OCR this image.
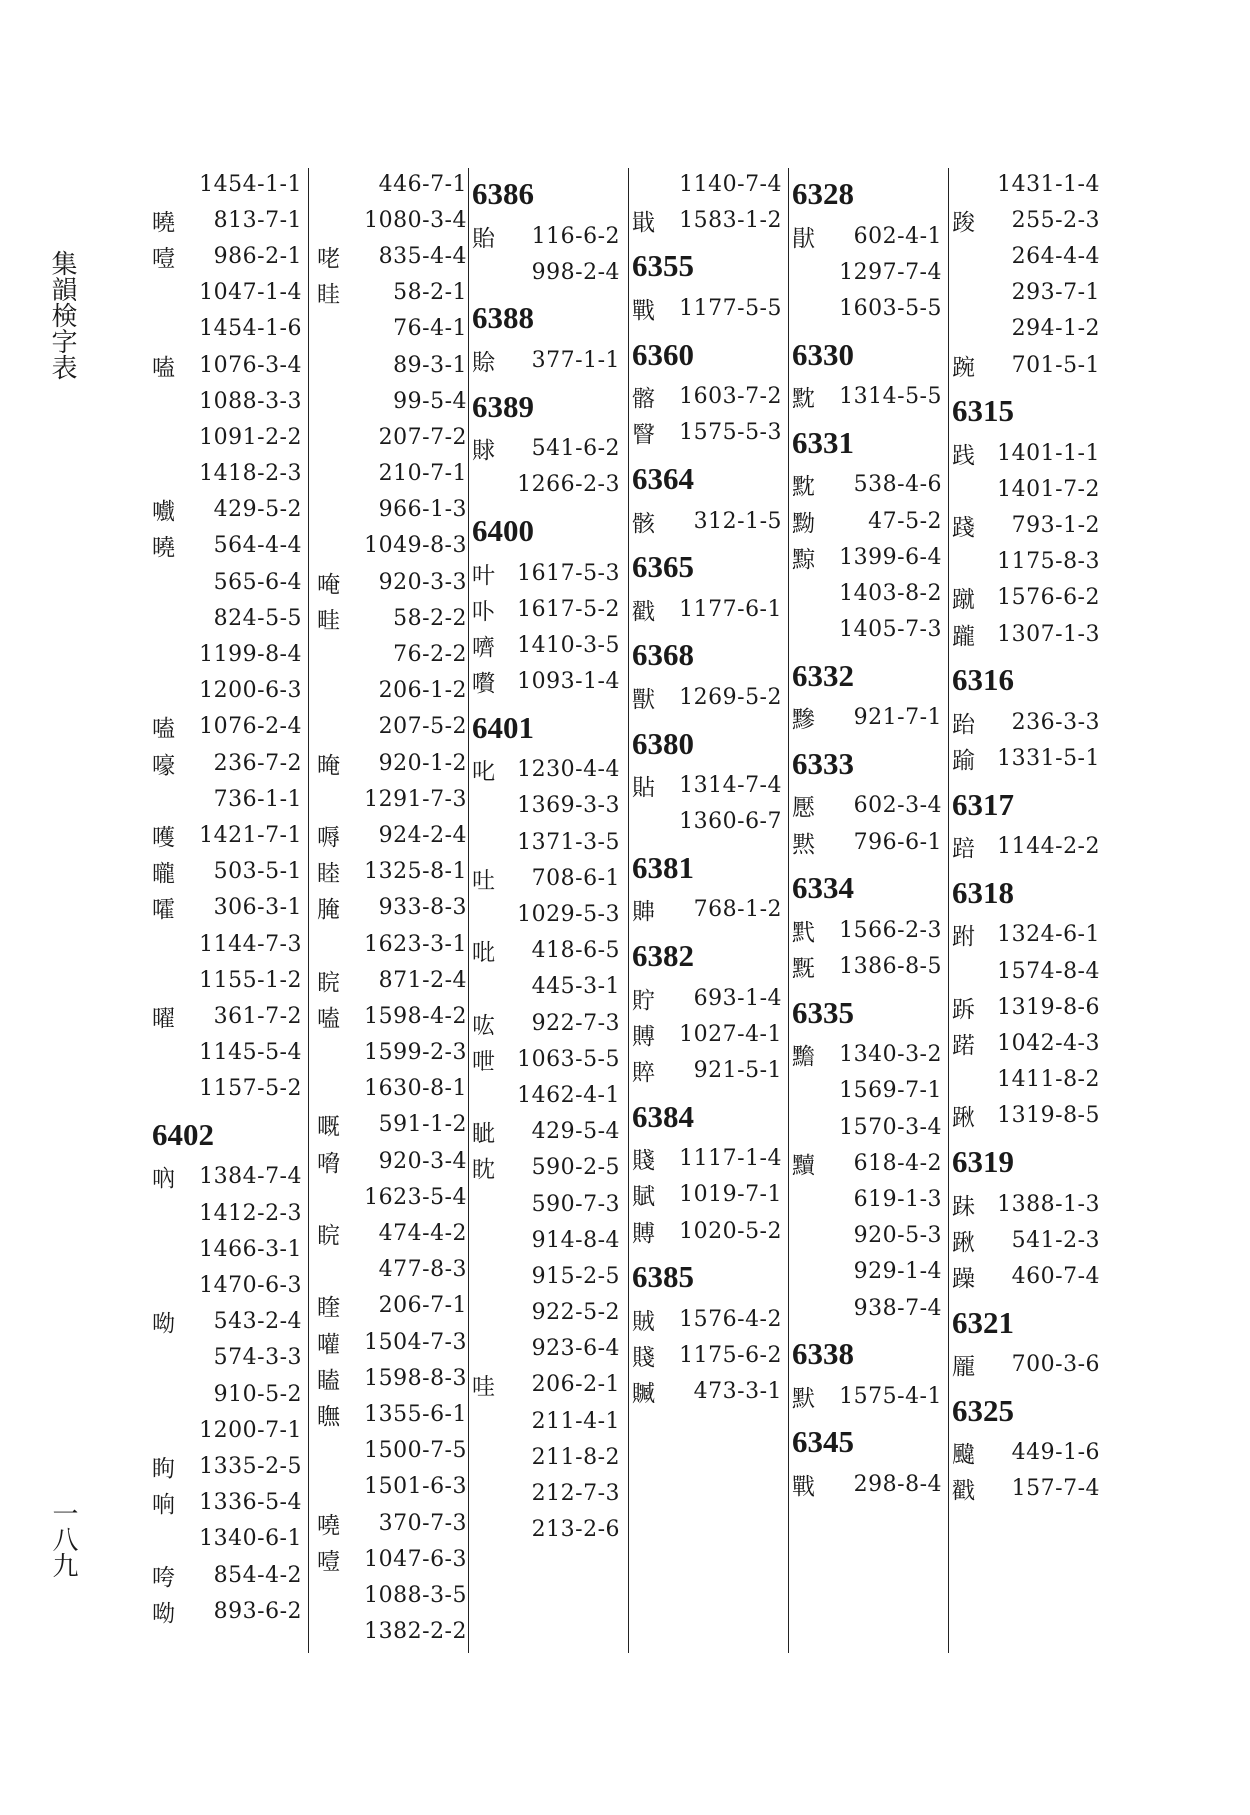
集韻検字表
一八九
1454-1-1
曉	813-7-1
噎	986-2-1
1047-1-4
1454-1-6
嗑	1076-3-4
1088-3-3
1091-2-2
1418-2-3
嚱	429-5-2
曉	564-4-4
565-6-4
824-5-5
1199-8-4
1200-6-3
嗑	1076-2-4
嚎	236-7-2
736-1-1
嚄	1421-7-1
曨	503-5-1
嚯	306-3-1
1144-7-3
1155-1-2
曜	361-7-2
1145-5-4
1157-5-2
6402
吶	1384-7-4
1412-2-3
1466-3-1
1470-6-3
呦	543-2-4
574-3-3
910-5-2
1200-7-1
眗	1335-2-5
响	1336-5-4
1340-6-1
咵	854-4-2
呦	893-6-2
446-7-1
1080-3-4
咾	835-4-4
眭	58-2-1
76-4-1
89-3-1
99-5-4
207-7-2
210-7-1
966-1-3
1049-8-3
唵	920-3-3
畦	58-2-2
76-2-2
206-1-2
207-5-2
晻	920-1-2
1291-7-3
嗕	924-2-4
睦	1325-8-1
腌	933-8-3
1623-3-1
睆	871-2-4
嗑	1598-4-2
1599-2-3
1630-8-1
嘅	591-1-2
嗋	920-3-4
1623-5-4
睆	474-4-2
477-8-3
睳	206-7-1
嚾	1504-7-3
瞌	1598-8-3
瞴	1355-6-1
1500-7-5
1501-6-3
嘵	370-7-3
噎	1047-6-3
1088-3-5
1382-2-2
6386
貽	116-6-2
998-2-4
6388
賒	377-1-1
6389
賕	541-6-2
1266-2-3
6400
叶	1617-5-3
卟	1617-5-2
嚌	1410-3-5
嚽	1093-1-4
6401
叱	1230-4-4
1369-3-3
1371-3-5
吐	708-6-1
1029-5-3
吡	418-6-5
445-3-1
吰	922-7-3
呭	1063-5-5
1462-4-1
眦	429-5-4
眈	590-2-5
590-7-3
914-8-4
915-2-5
922-5-2
923-6-4
哇	206-2-1
211-4-1
211-8-2
212-7-3
213-2-6
1140-7-4
戢	1583-1-2
6355
戰	1177-5-5
6360
髂	1603-7-2
瞖	1575-5-3
6364
骸	312-1-5
6365
戳	1177-6-1
6368
獸	1269-5-2
6380
貼	1314-7-4
1360-6-7
6381
賗	768-1-2
6382
貯	693-1-4
賻	1027-4-1
賥	921-5-1
6384
賤	1117-1-4
賦	1019-7-1
賻	1020-5-2
6385
賊	1576-4-2
賤	1175-6-2
贓	473-3-1
6328
猒	602-4-1
1297-7-4
1603-5-5
6330
黕	1314-5-5
6331
黕	538-4-6
黝	47-5-2
黥	1399-6-4
1403-8-2
1405-7-3
6332
黲	921-7-1
6333
懕	602-3-4
黙	796-6-1
6334
黓	1566-2-3
黖	1386-8-5
6335
黵	1340-3-2
1569-7-1
1570-3-4
黷	618-4-2
619-1-3
920-5-3
929-1-4
938-7-4
6338
默	1575-4-1
6345
戰	298-8-4
1431-1-4
踆	255-2-3
264-4-4
293-7-1
294-1-2
踠	701-5-1
6315
践	1401-1-1
1401-7-2
踐	793-1-2
1175-8-3
蹴	1576-6-2
躘	1307-1-3
6316
跆	236-3-3
踰	1331-5-1
6317
踣	1144-2-2
6318
跗	1324-6-1
1574-8-4
跅	1319-8-6
蹃	1042-4-3
1411-8-2
踿	1319-8-5
6319
跊	1388-1-3
踿	541-2-3
躁	460-7-4
6321
龎	700-3-6
6325
颹	449-1-6
戳	157-7-4
